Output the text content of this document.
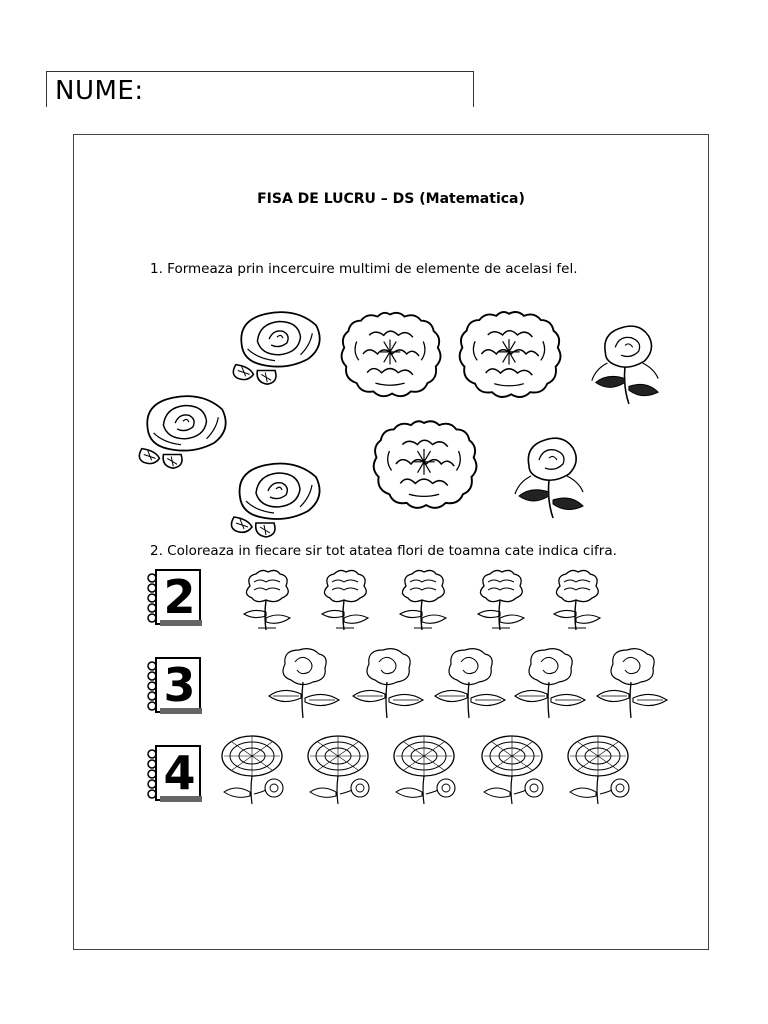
NUME:
FISA DE LUCRU – DS (Matematica)
1. Formeaza prin incercuire multimi de elemente de acelasi fel.
2. Coloreaza in fiecare sir tot atatea flori de toamna cate indica cifra.
2
3
4
